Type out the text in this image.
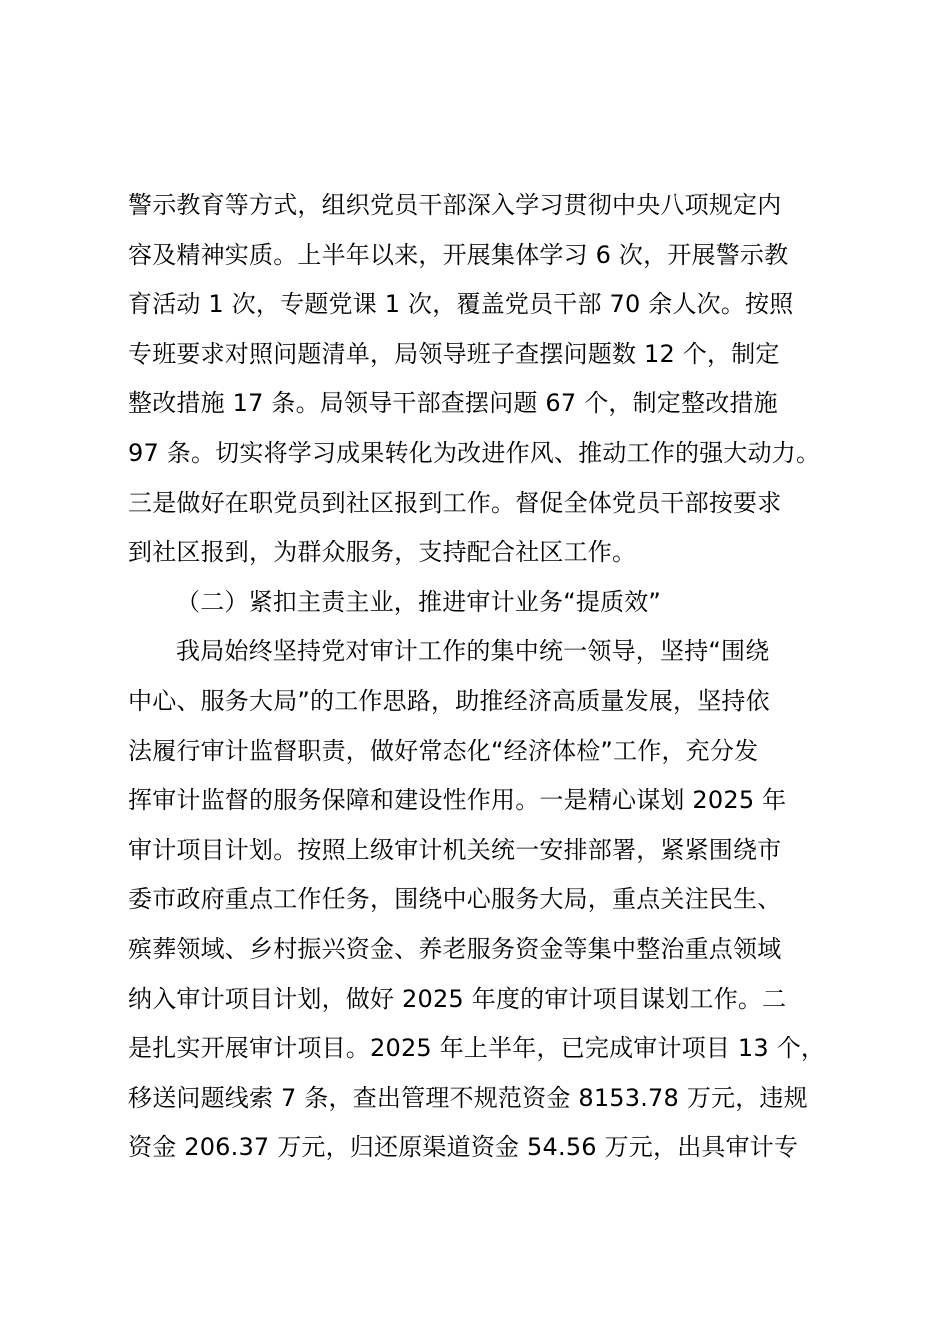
警示教育等方式，组织党员干部深入学习贯彻中央八项规定内
容及精神实质。上半年以来，开展集体学习 6 次，开展警示教
育活动 1 次，专题党课 1 次，覆盖党员干部 70 余人次。按照
专班要求对照问题清单，局领导班子查摆问题数 12 个，制定
整改措施 17 条。局领导干部查摆问题 67 个，制定整改措施
97 条。切实将学习成果转化为改进作风、推动工作的强大动力。
三是做好在职党员到社区报到工作。督促全体党员干部按要求
到社区报到，为群众服务，支持配合社区工作。
（二）紧扣主责主业，推进审计业务“提质效”
我局始终坚持党对审计工作的集中统一领导，坚持“围绕
中心、服务大局”的工作思路，助推经济高质量发展，坚持依
法履行审计监督职责，做好常态化“经济体检”工作，充分发
挥审计监督的服务保障和建设性作用。一是精心谋划 2025 年
审计项目计划。按照上级审计机关统一安排部署，紧紧围绕市
委市政府重点工作任务，围绕中心服务大局，重点关注民生、
殡葬领域、乡村振兴资金、养老服务资金等集中整治重点领域
纳入审计项目计划，做好 2025 年度的审计项目谋划工作。二
是扎实开展审计项目。2025 年上半年，已完成审计项目 13 个，
移送问题线索 7 条，查出管理不规范资金 8153.78 万元，违规
资金 206.37 万元，归还原渠道资金 54.56 万元，出具审计专
